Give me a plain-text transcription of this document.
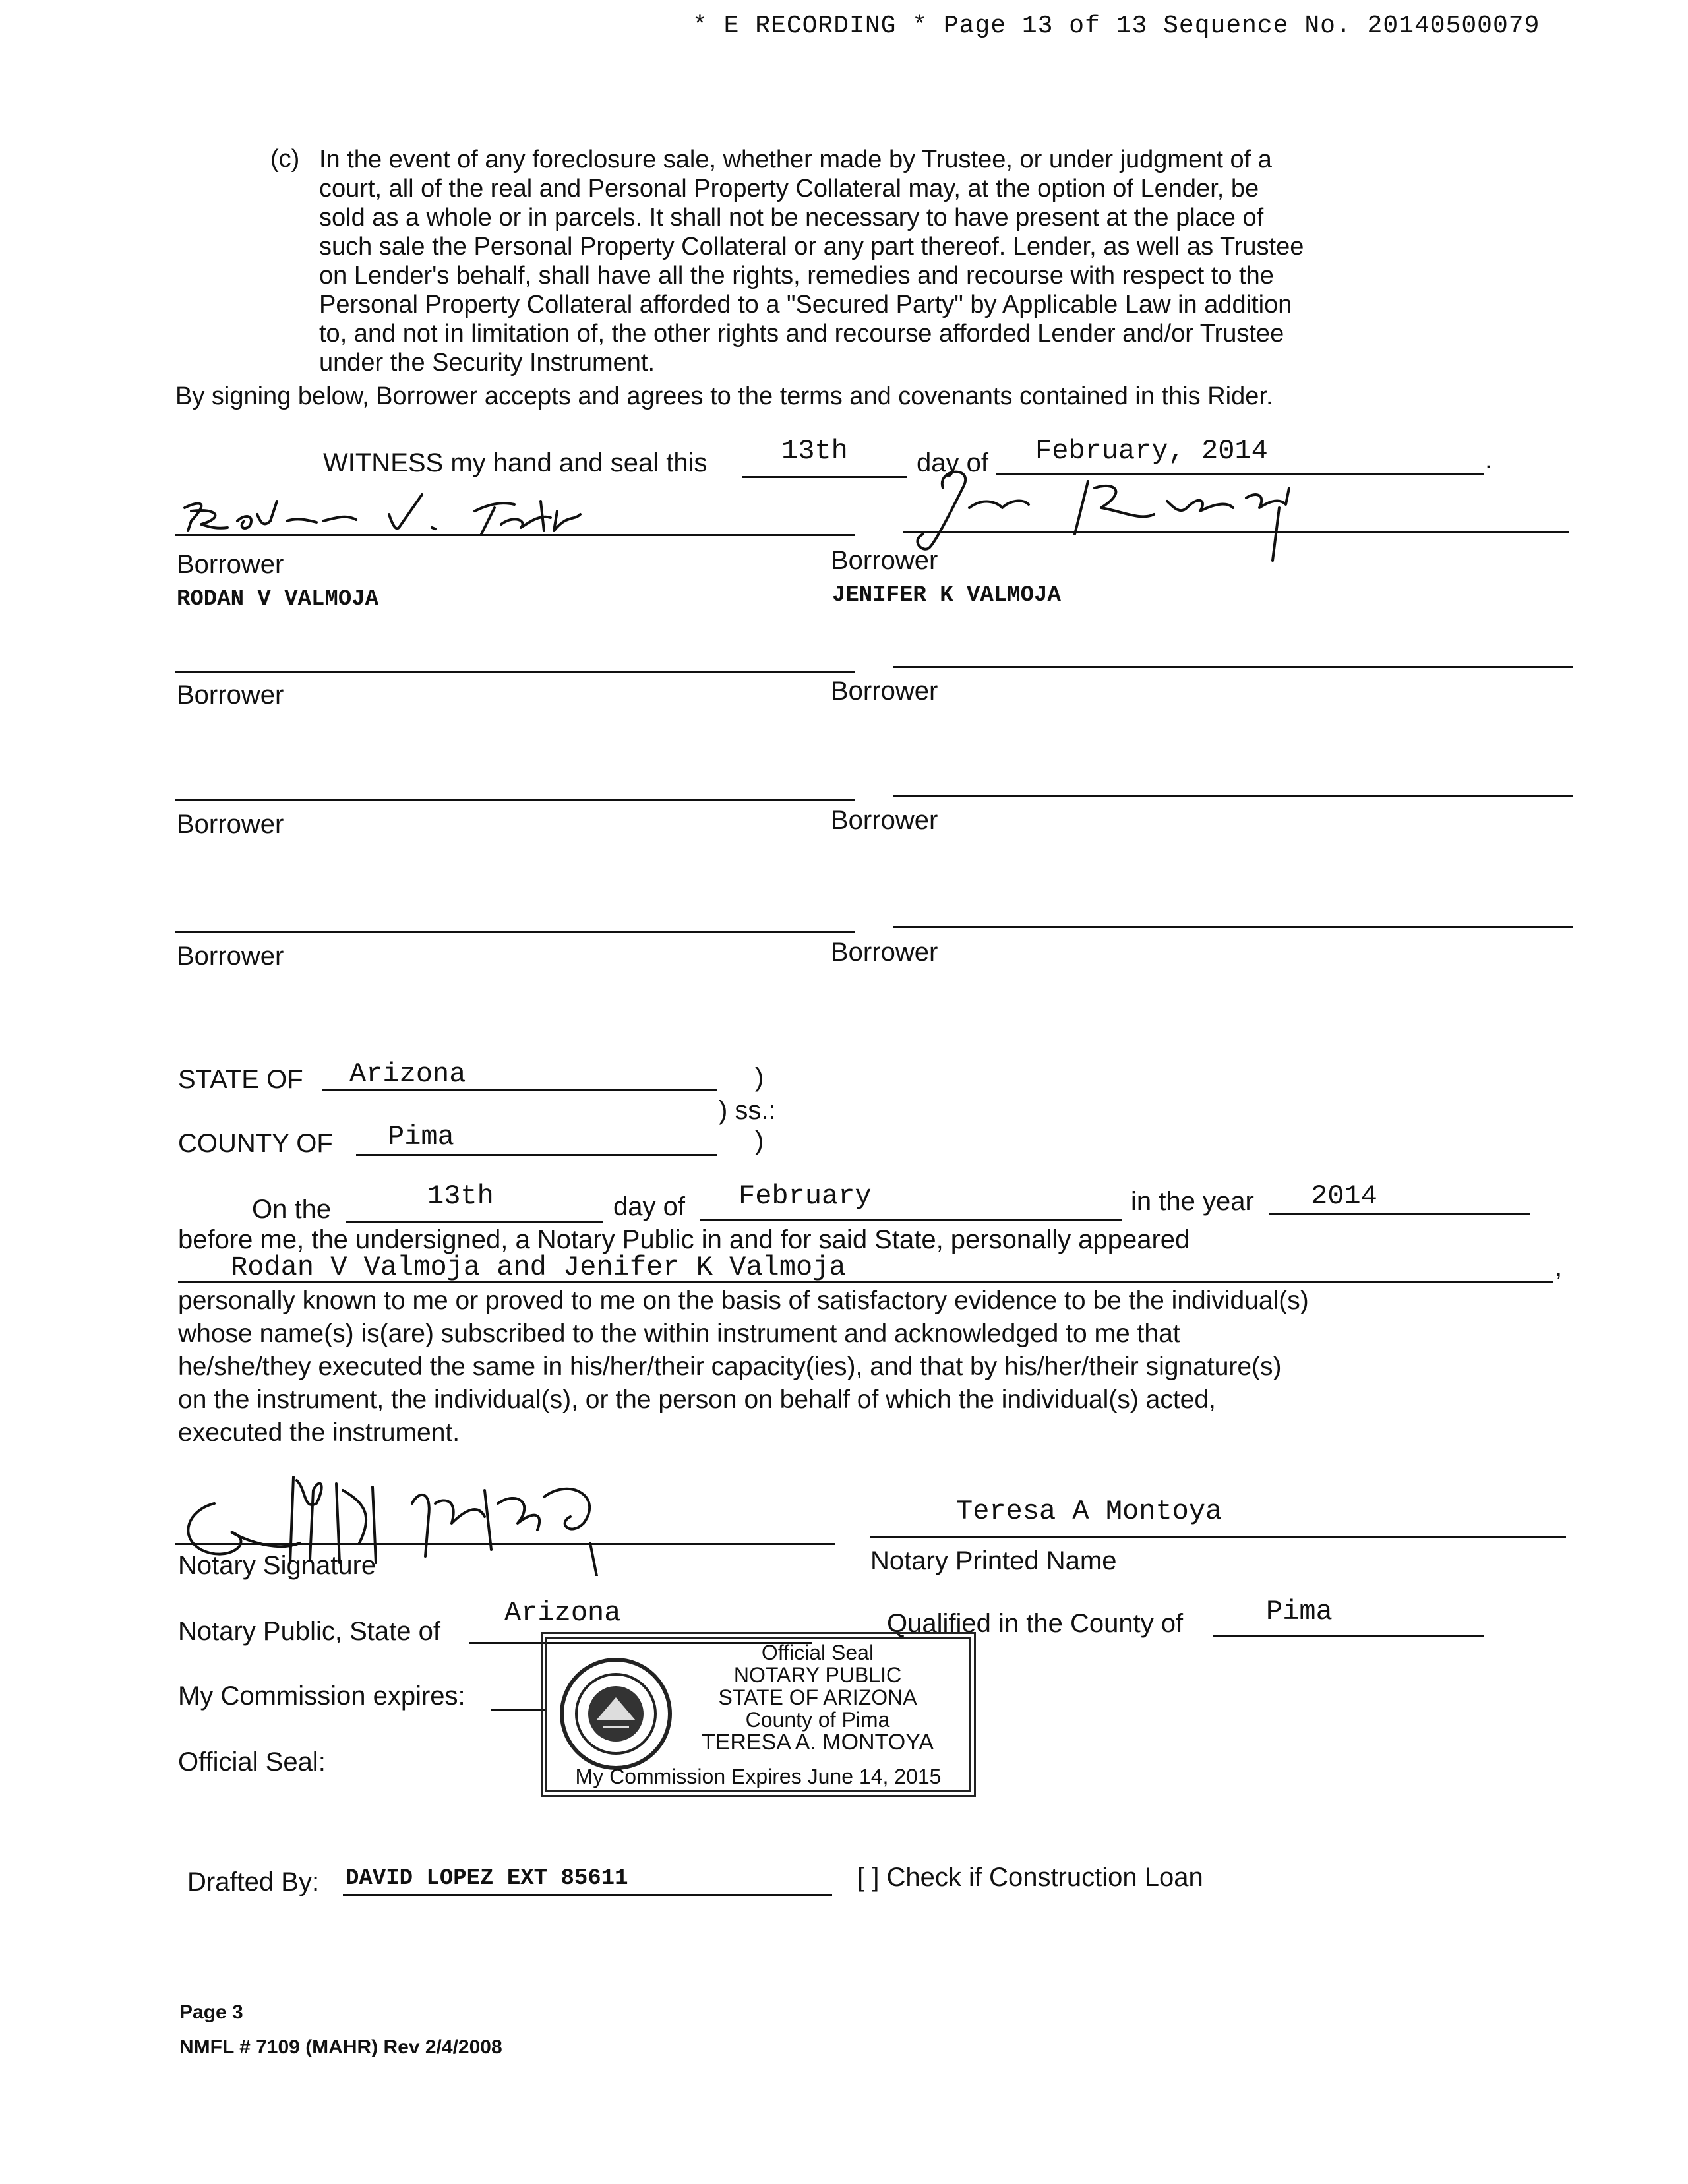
* E RECORDING * Page 13 of 13 Sequence No. 20140500079
(c) In the event of any foreclosure sale, whether made by Trustee, or under judgment of a
court, all of the real and Personal Property Collateral may, at the option of Lender, be
sold as a whole or in parcels. It shall not be necessary to have present at the place of
such sale the Personal Property Collateral or any part thereof. Lender, as well as Trustee
on Lender's behalf, shall have all the rights, remedies and recourse with respect to the
Personal Property Collateral afforded to a "Secured Party" by Applicable Law in addition
to, and not in limitation of, the other rights and recourse afforded Lender and/or Trustee
under the Security Instrument.
By signing below, Borrower accepts and agrees to the terms and covenants contained in this Rider.
WITNESS my hand and seal this	13th	day of February, 2014	.
Borrower	Borrower
RODAN V VALMOJA	JENIFER K VALMOJA
Borrower	Borrower
Borrower	Borrower
Borrower	Borrower
STATE OF Arizona	)
) ss.:
COUNTY OF Pima	)
On the	13th	day of February	in the year 2014
before me, the undersigned, a Notary Public in and for said State, personally appeared
Rodan V Valmoja and Jenifer K Valmoja	,
personally known to me or proved to me on the basis of satisfactory evidence to be the individual(s)
whose name(s) is(are) subscribed to the within instrument and acknowledged to me that
he/she/they executed the same in his/her/their capacity(ies), and that by his/her/their signature(s)
on the instrument, the individual(s), or the person on behalf of which the individual(s) acted,
executed the instrument.
Notary Signature
Teresa A Montoya
Notary Printed Name
Notary Public, State of
Arizona	Qualified in the County of	Pima
My Commission expires:
Official Seal:
Official Seal
NOTARY PUBLIC
STATE OF ARIZONA
County of Pima
TERESA A. MONTOYA
My Commission Expires June 14, 2015
Drafted By: DAVID LOPEZ EXT 85611	[ ] Check if Construction Loan
Page 3
NMFL # 7109 (MAHR) Rev 2/4/2008
